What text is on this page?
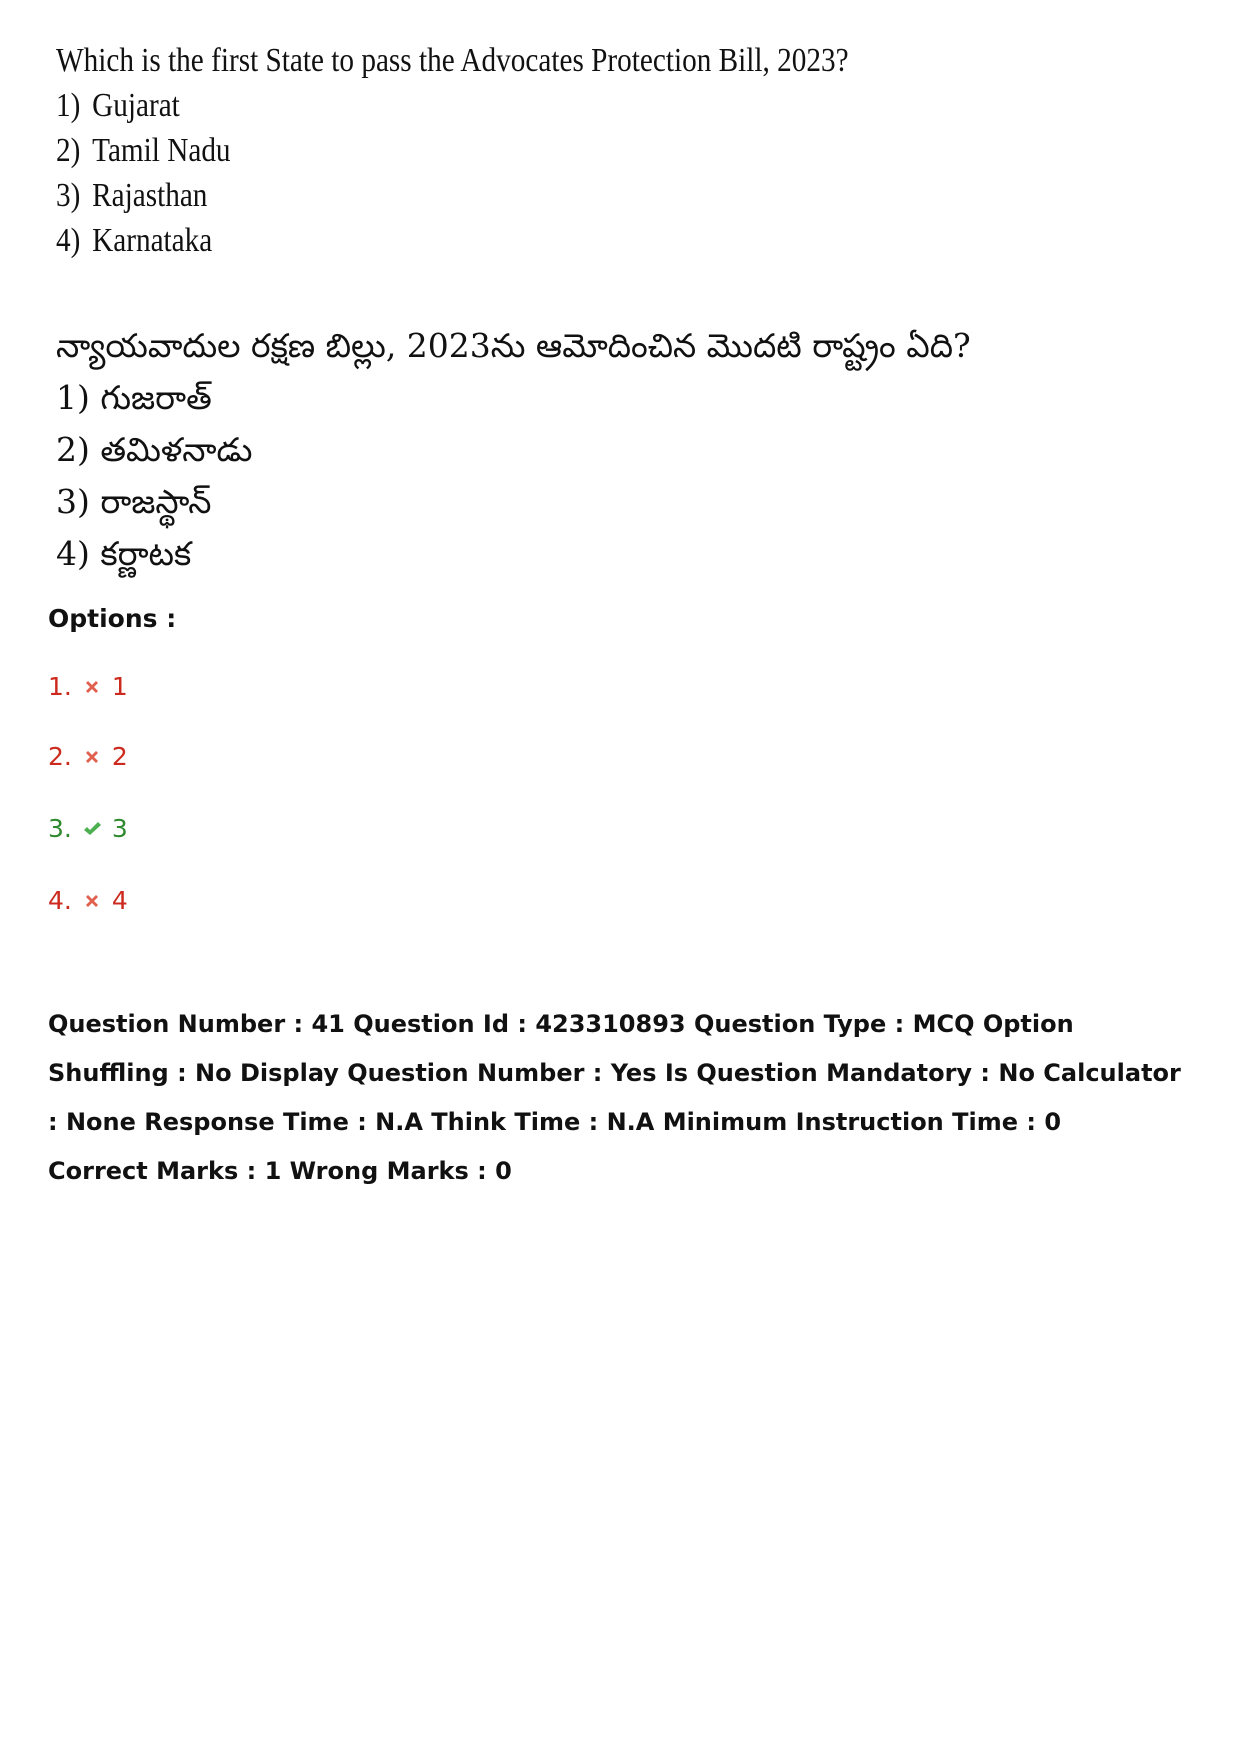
Which is the first State to pass the Advocates Protection Bill, 2023?
1) Gujarat
2) Tamil Nadu
3) Rajasthan
4) Karnataka
న్యాయవాదుల రక్షణ బిల్లు, 2023ను ఆమోదించిన మొదటి రాష్ట్రం ఏది?
1) గుజరాత్
2) తమిళనాడు
3) రాజస్థాన్
4) కర్ణాటక
Options :
1. 1
2. 2
3. 3
4. 4
Question Number : 41 Question Id : 423310893 Question Type : MCQ Option Shuffling : No Display Question Number : Yes Is Question Mandatory : No Calculator : None Response Time : N.A Think Time : N.A Minimum Instruction Time : 0
Correct Marks : 1 Wrong Marks : 0
